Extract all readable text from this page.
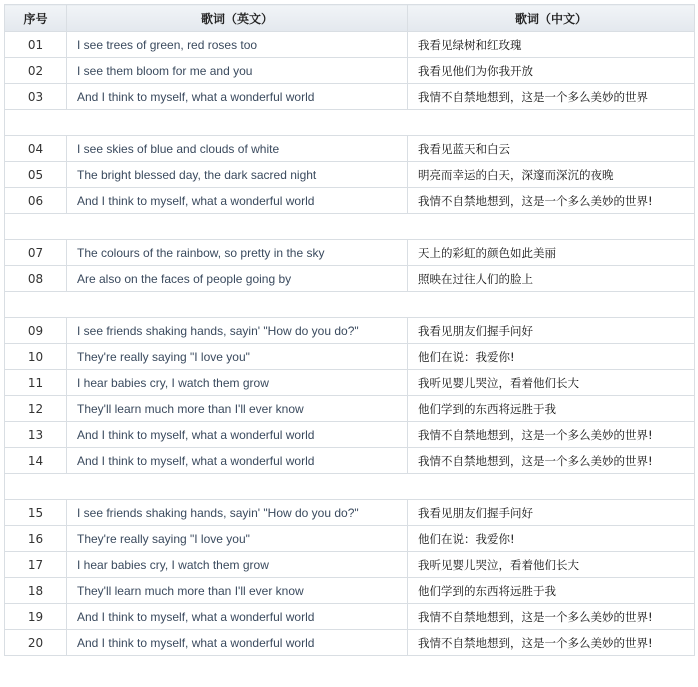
序号	歌词（英文）	歌词（中文）
01	I see trees of green, red roses too	我看见绿树和红玫瑰
02	I see them bloom for me and you	我看见他们为你我开放
03	And I think to myself, what a wonderful world	我情不自禁地想到，这是一个多么美妙的世界

04	I see skies of blue and clouds of white	我看见蓝天和白云
05	The bright blessed day, the dark sacred night	明亮而幸运的白天，深邃而深沉的夜晚
06	And I think to myself, what a wonderful world	我情不自禁地想到，这是一个多么美妙的世界!

07	The colours of the rainbow, so pretty in the sky	天上的彩虹的颜色如此美丽
08	Are also on the faces of people going by	照映在过往人们的脸上

09	I see friends shaking hands, sayin' "How do you do?"	我看见朋友们握手问好
10	They're really saying "I love you"	他们在说：我爱你!
11	I hear babies cry, I watch them grow	我听见婴儿哭泣，看着他们长大
12	They'll learn much more than I'll ever know	他们学到的东西将远胜于我
13	And I think to myself, what a wonderful world	我情不自禁地想到，这是一个多么美妙的世界!
14	And I think to myself, what a wonderful world	我情不自禁地想到，这是一个多么美妙的世界!

15	I see friends shaking hands, sayin' "How do you do?"	我看见朋友们握手问好
16	They're really saying "I love you"	他们在说：我爱你!
17	I hear babies cry, I watch them grow	我听见婴儿哭泣，看着他们长大
18	They'll learn much more than I'll ever know	他们学到的东西将远胜于我
19	And I think to myself, what a wonderful world	我情不自禁地想到，这是一个多么美妙的世界!
20	And I think to myself, what a wonderful world	我情不自禁地想到，这是一个多么美妙的世界!
